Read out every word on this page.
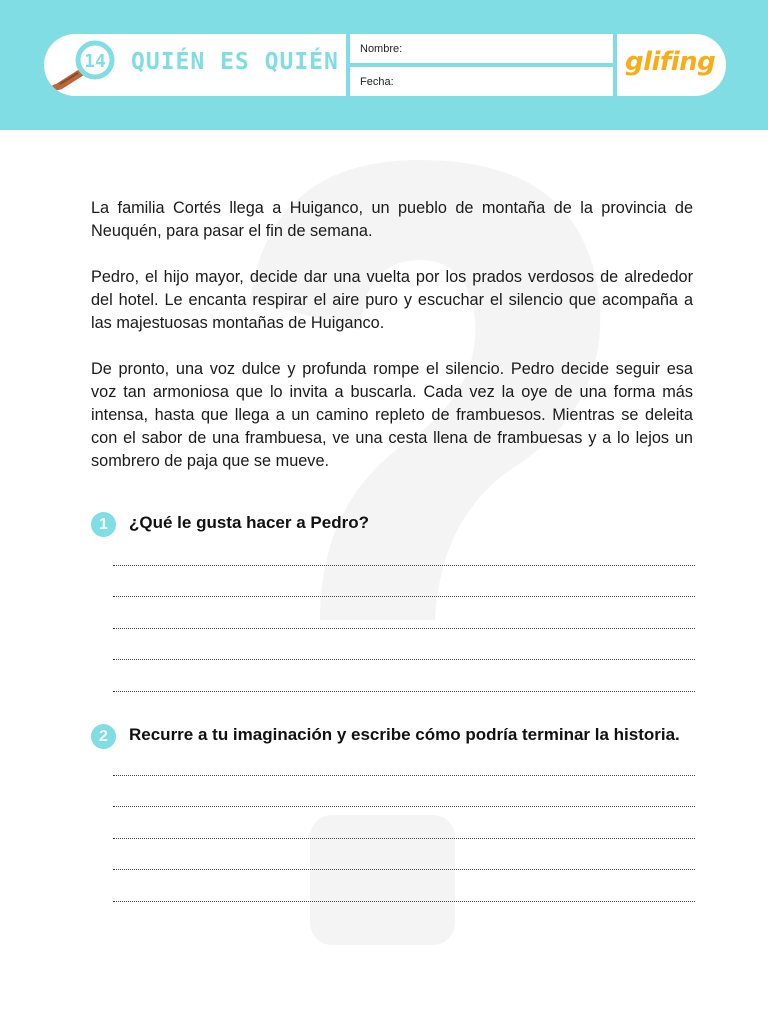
14 QUIÉN ES QUIÉN Nombre:
Fecha:
glifing

La familia Cortés llega a Huiganco, un pueblo de montaña de la provincia de Neuquén, para pasar el fin de semana.

Pedro, el hijo mayor, decide dar una vuelta por los prados verdosos de alrededor del hotel. Le encanta respirar el aire puro y escuchar el silencio que acompaña a las majestuosas montañas de Huiganco.

De pronto, una voz dulce y profunda rompe el silencio. Pedro decide seguir esa voz tan armoniosa que lo invita a buscarla. Cada vez la oye de una forma más intensa, hasta que llega a un camino repleto de frambuesos. Mientras se deleita con el sabor de una frambuesa, ve una cesta llena de frambuesas y a lo lejos un sombrero de paja que se mueve.

1	¿Qué le gusta hacer a Pedro?
2	Recurre a tu imaginación y escribe cómo podría terminar la historia.
